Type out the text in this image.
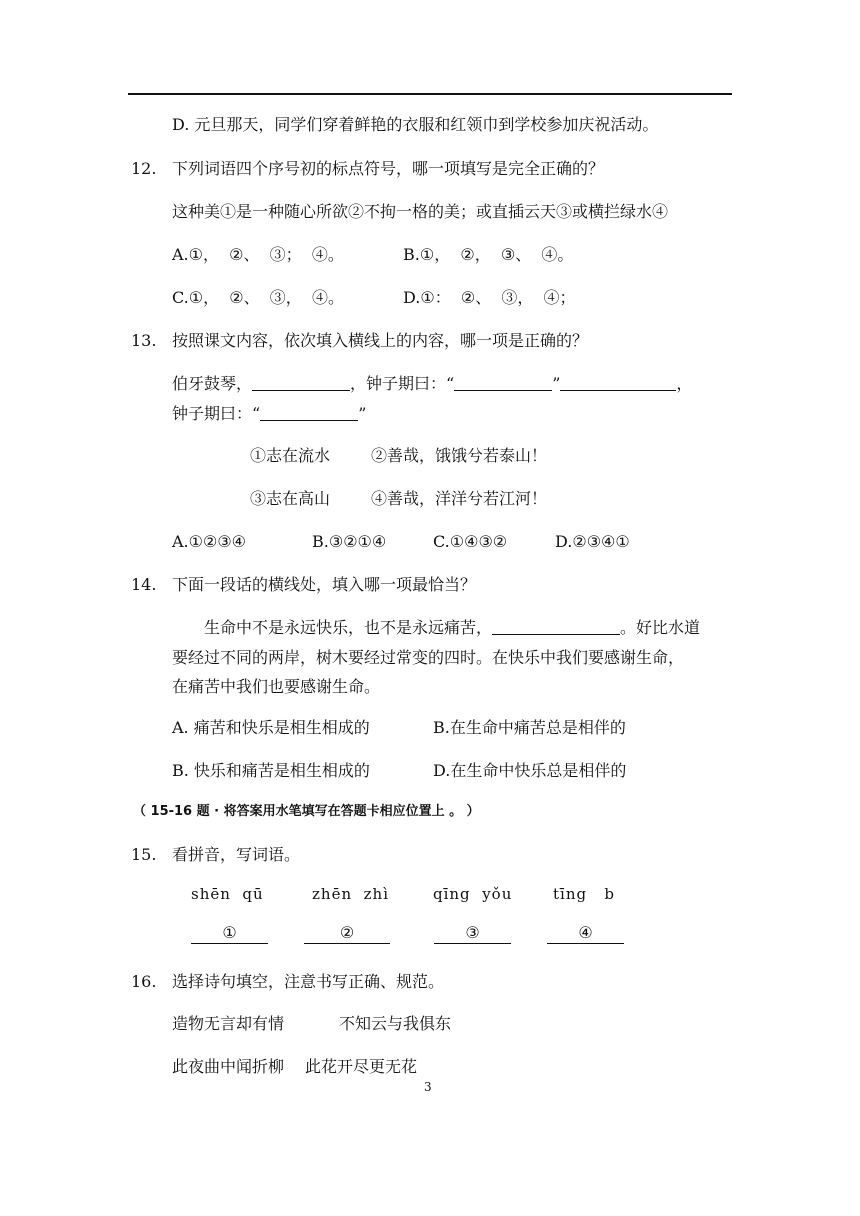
D. 元旦那天，同学们穿着鲜艳的衣服和红领巾到学校参加庆祝活动。
12. 下列词语四个序号初的标点符号，哪一项填写是完全正确的？
这种美①是一种随心所欲②不拘一格的美；或直插云天③或横拦绿水④
A.①，  ②、  ③；  ④。	B.①，  ②，  ③、  ④。
C.①，  ②、  ③，  ④。	D.①：  ②、  ③，  ④；
13. 按照课文内容，依次填入横线上的内容，哪一项是正确的？
伯牙鼓琴，	，钟子期曰：“	”	，
钟子期曰：“	”
①志在流水	②善哉，饿饿兮若泰山！
③志在高山	④善哉，洋洋兮若江河！
A.①②③④	B.③②①④	C.①④③②	D.②③④①
14. 下面一段话的横线处，填入哪一项最恰当？
生命中不是永远快乐，也不是永远痛苦，	。好比水道
要经过不同的两岸，树木要经过常变的四时。在快乐中我们要感谢生命，
在痛苦中我们也要感谢生命。
A. 痛苦和快乐是相生相成的	B.在生命中痛苦总是相伴的
B. 快乐和痛苦是相生相成的	D.在生命中快乐总是相伴的
（ 15-16 题 · 将答案用水笔填写在答题卡相应位置上 。 ）
15. 看拼音，写词语。
shēn  qū	zhēn  zhì	qīng  yǒu	tīng   b
①	②	③	④
16. 选择诗句填空，注意书写正确、规范。
造物无言却有情	不知云与我俱东
此夜曲中闻折柳 此花开尽更无花
3
